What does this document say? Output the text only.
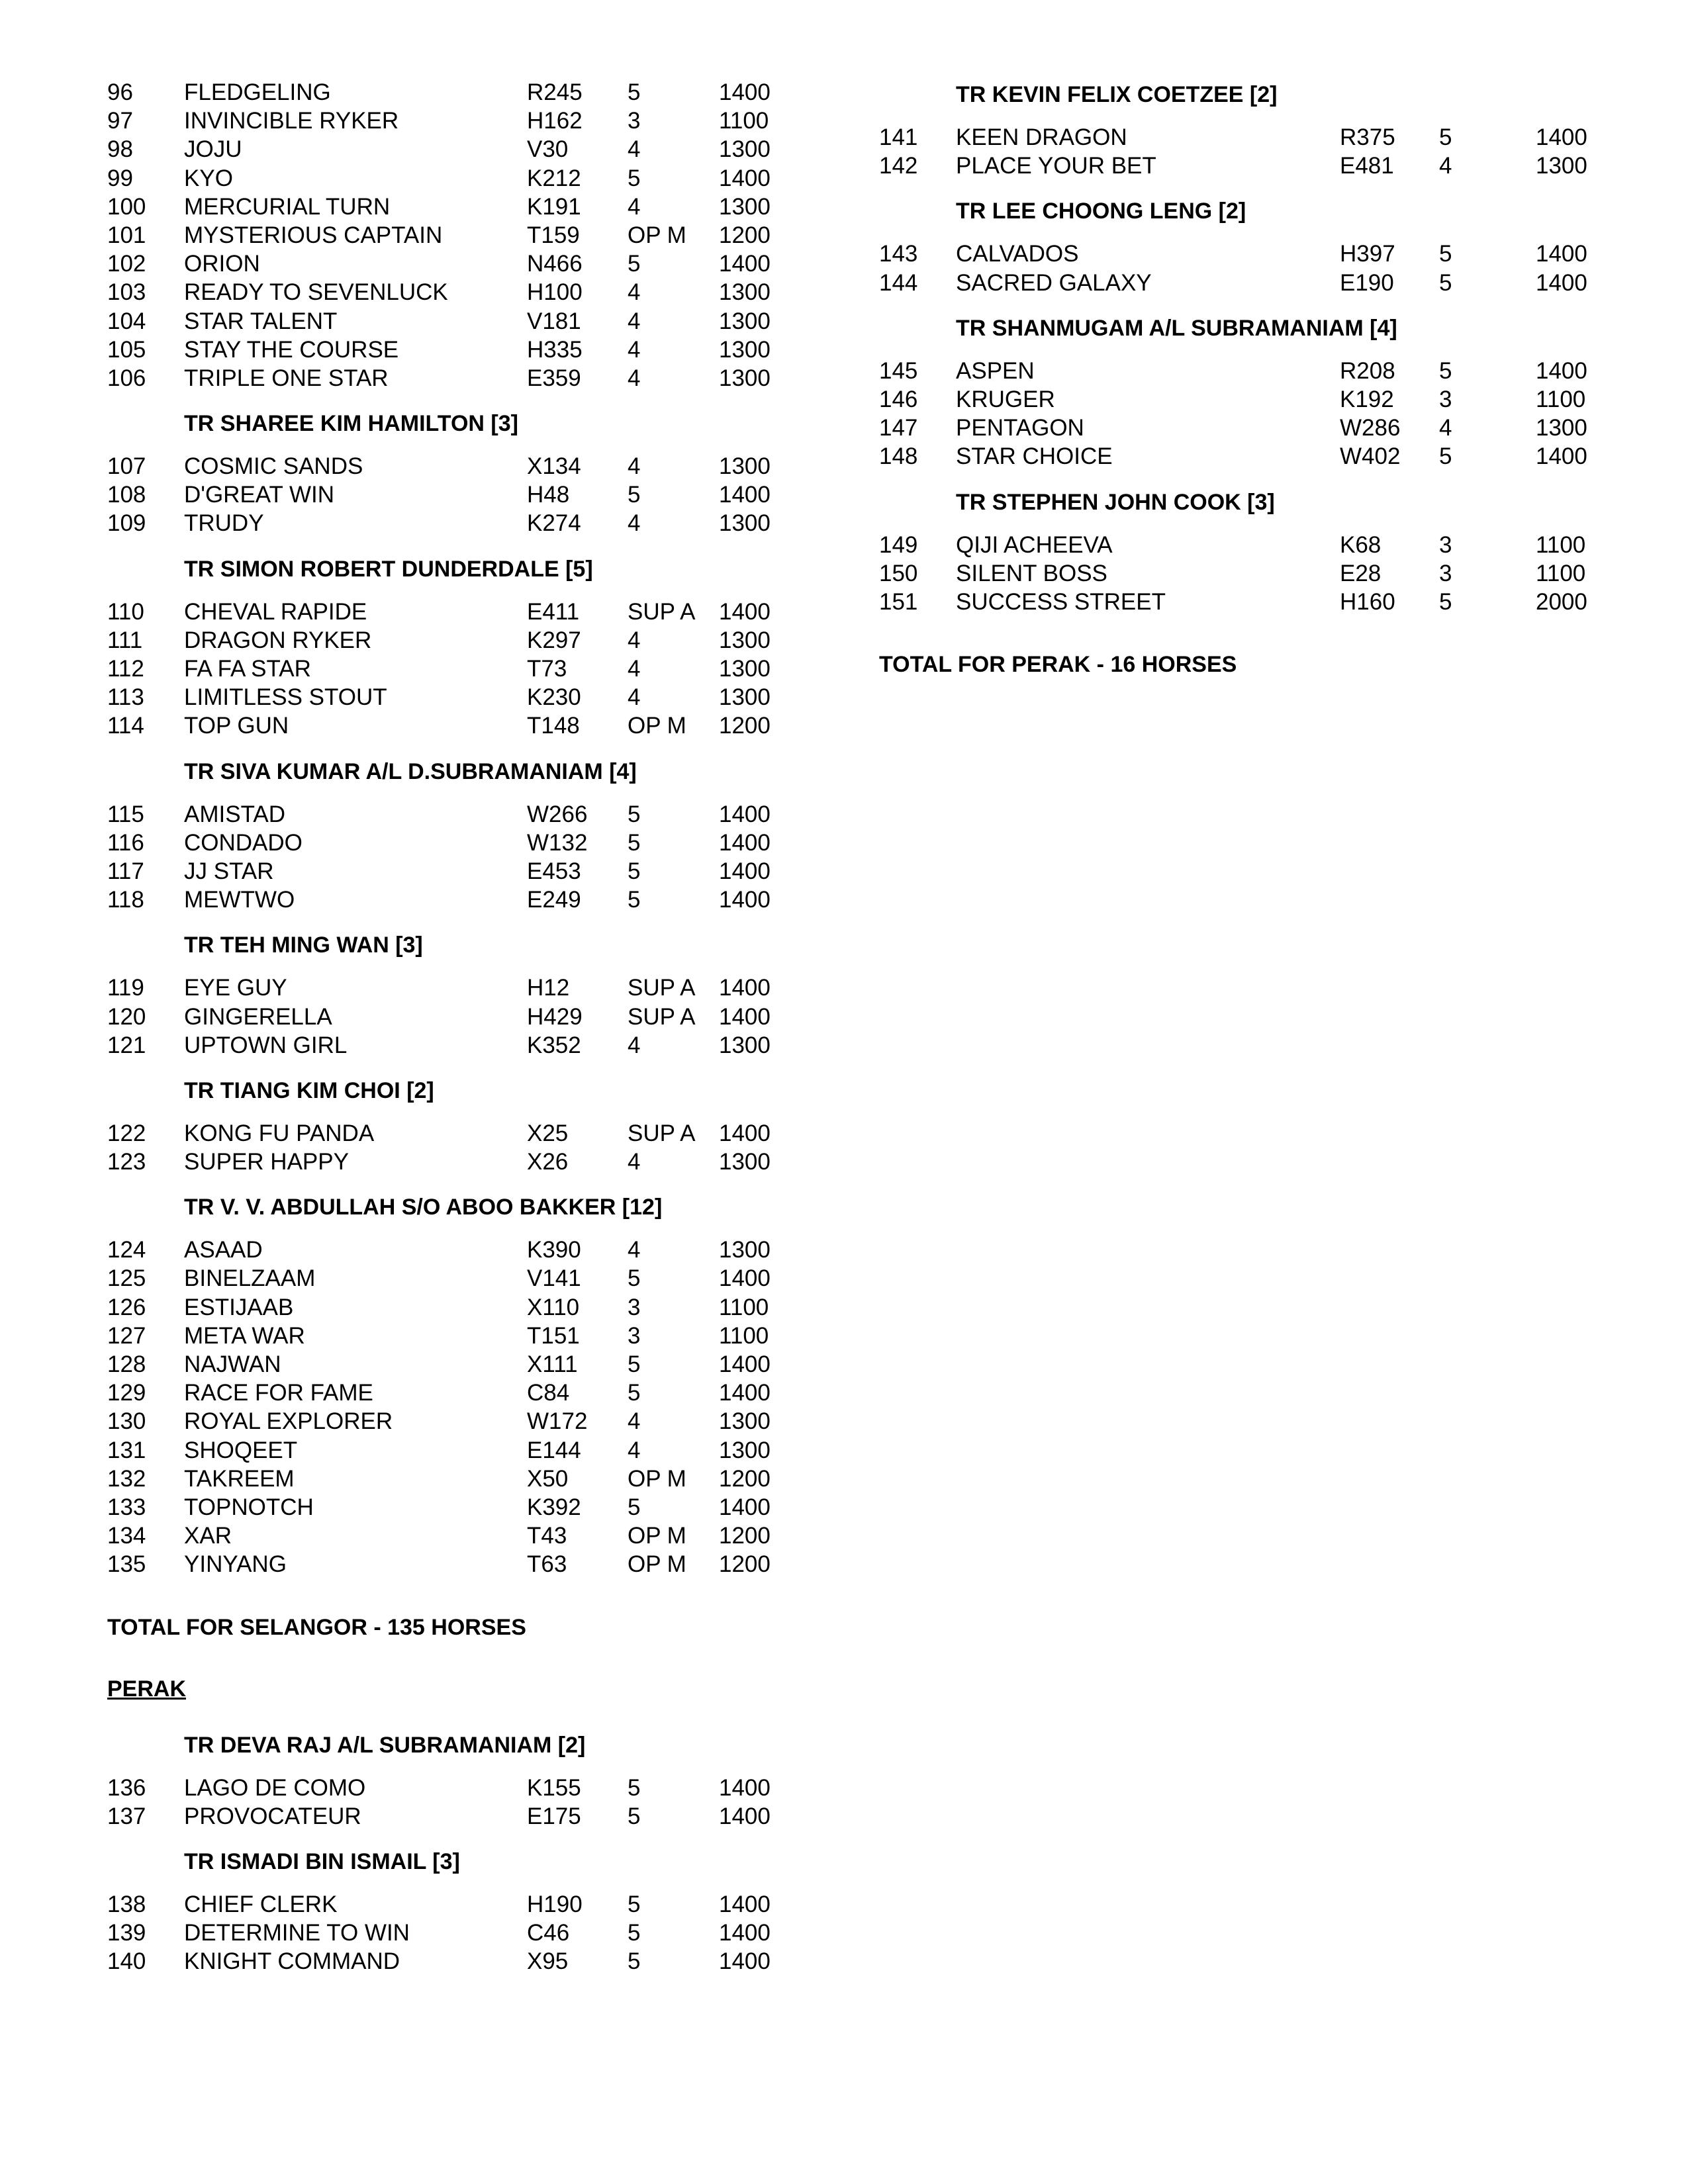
96 FLEDGELING	R245 5	1400
97 INVINCIBLE RYKER	H162 3	1100
98 JOJU	V30	4	1300
99 KYO	K212 5	1400
100 MERCURIAL TURN	K191 4	1300
101 MYSTERIOUS CAPTAIN	T159 OP M 1200
102 ORION	N466 5	1400
103 READY TO SEVENLUCK	H100 4	1300
104 STAR TALENT	V181 4	1300
105 STAY THE COURSE	H335 4	1300
106 TRIPLE ONE STAR	E359 4	1300
TR SHAREE KIM HAMILTON [3]
107 COSMIC SANDS	X134 4	1300
108 D'GREAT WIN	H48	5	1400
109 TRUDY	K274 4	1300
TR SIMON ROBERT DUNDERDALE [5]
110 CHEVAL RAPIDE	E411 SUP A 1400
111 DRAGON RYKER	K297 4	1300
112 FA FA STAR	T73	4	1300
113 LIMITLESS STOUT	K230 4	1300
114 TOP GUN	T148 OP M 1200
TR SIVA KUMAR A/L D.SUBRAMANIAM [4]
115 AMISTAD	W266 5	1400
116 CONDADO	W132 5	1400
117 JJ STAR	E453 5	1400
118 MEWTWO	E249 5	1400
TR TEH MING WAN [3]
119 EYE GUY	H12	SUP A 1400
120 GINGERELLA	H429 SUP A 1400
121 UPTOWN GIRL	K352 4	1300
TR TIANG KIM CHOI [2]
122 KONG FU PANDA	X25	SUP A 1400
123 SUPER HAPPY	X26	4	1300
TR V. V. ABDULLAH S/O ABOO BAKKER [12]
124 ASAAD	K390 4	1300
125 BINELZAAM	V141 5	1400
126 ESTIJAAB	X110 3	1100
127 META WAR	T151 3	1100
128 NAJWAN	X111 5	1400
129 RACE FOR FAME	C84	5	1400
130 ROYAL EXPLORER	W172 4	1300
131 SHOQEET	E144 4	1300
132 TAKREEM	X50	OP M 1200
133 TOPNOTCH	K392 5	1400
134 XAR	T43	OP M 1200
135 YINYANG	T63	OP M 1200
TOTAL FOR SELANGOR - 135 HORSES
PERAK
TR DEVA RAJ A/L SUBRAMANIAM [2]
136 LAGO DE COMO	K155 5	1400
137 PROVOCATEUR	E175 5	1400
TR ISMADI BIN ISMAIL [3]
138 CHIEF CLERK	H190 5	1400
139 DETERMINE TO WIN	C46	5	1400
140 KNIGHT COMMAND	X95	5	1400
TR KEVIN FELIX COETZEE [2]
141 KEEN DRAGON	R375 5	1400
142 PLACE YOUR BET	E481 4	1300
TR LEE CHOONG LENG [2]
143 CALVADOS	H397 5	1400
144 SACRED GALAXY	E190 5	1400
TR SHANMUGAM A/L SUBRAMANIAM [4]
145 ASPEN	R208 5	1400
146 KRUGER	K192 3	1100
147 PENTAGON	W286 4	1300
148 STAR CHOICE	W402 5	1400
TR STEPHEN JOHN COOK [3]
149 QIJI ACHEEVA	K68	3	1100
150 SILENT BOSS	E28	3	1100
151 SUCCESS STREET	H160 5	2000
TOTAL FOR PERAK - 16 HORSES
